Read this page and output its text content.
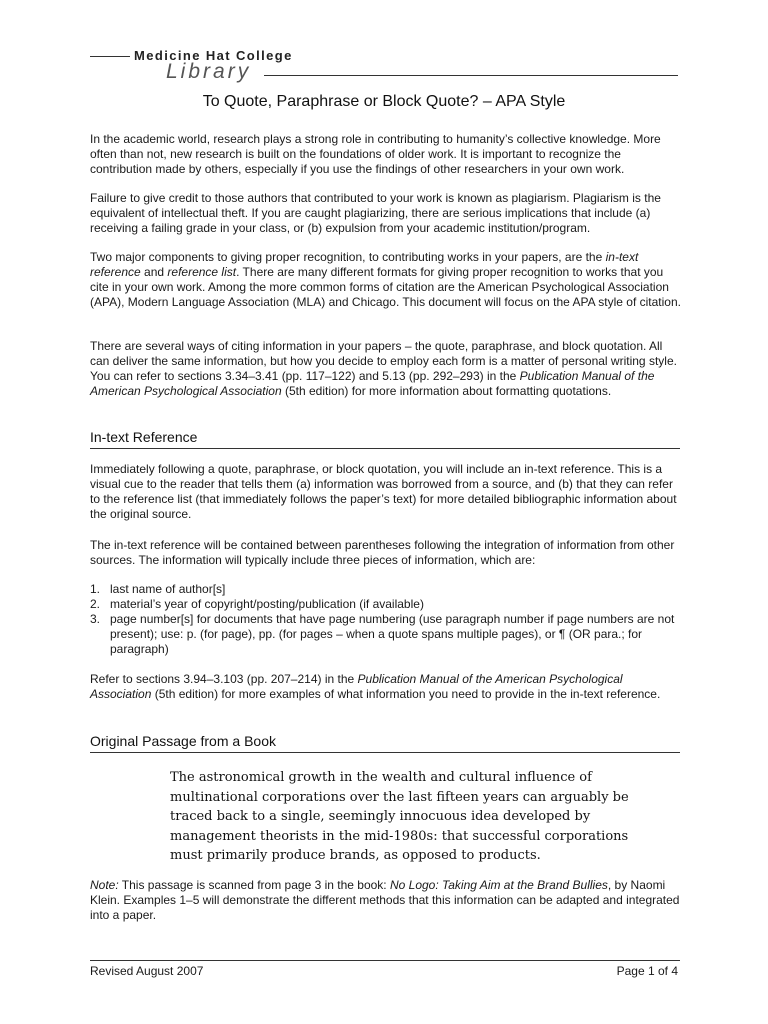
Medicine Hat College
Library
To Quote, Paraphrase or Block Quote? – APA Style

In the academic world, research plays a strong role in contributing to humanity’s collective knowledge. More often than not, new research is built on the foundations of older work. It is important to recognize the contribution made by others, especially if you use the findings of other researchers in your own work.

Failure to give credit to those authors that contributed to your work is known as plagiarism. Plagiarism is the equivalent of intellectual theft. If you are caught plagiarizing, there are serious implications that include (a) receiving a failing grade in your class, or (b) expulsion from your academic institution/program.

Two major components to giving proper recognition, to contributing works in your papers, are the in-text reference and reference list. There are many different formats for giving proper recognition to works that you cite in your own work. Among the more common forms of citation are the American Psychological Association (APA), Modern Language Association (MLA) and Chicago. This document will focus on the APA style of citation.

There are several ways of citing information in your papers – the quote, paraphrase, and block quotation. All can deliver the same information, but how you decide to employ each form is a matter of personal writing style. You can refer to sections 3.34–3.41 (pp. 117–122) and 5.13 (pp. 292–293) in the Publication Manual of the American Psychological Association (5th edition) for more information about formatting quotations.

In-text Reference

Immediately following a quote, paraphrase, or block quotation, you will include an in-text reference. This is a visual cue to the reader that tells them (a) information was borrowed from a source, and (b) that they can refer to the reference list (that immediately follows the paper’s text) for more detailed bibliographic information about the original source.

The in-text reference will be contained between parentheses following the integration of information from other sources. The information will typically include three pieces of information, which are:

1. last name of author[s]
2. material’s year of copyright/posting/publication (if available)
3. page number[s] for documents that have page numbering (use paragraph number if page numbers are not present); use: p. (for page), pp. (for pages – when a quote spans multiple pages), or ¶ (OR para.; for paragraph)

Refer to sections 3.94–3.103 (pp. 207–214) in the Publication Manual of the American Psychological Association (5th edition) for more examples of what information you need to provide in the in-text reference.

Original Passage from a Book

The astronomical growth in the wealth and cultural influence of multinational corporations over the last fifteen years can arguably be traced back to a single, seemingly innocuous idea developed by management theorists in the mid-1980s: that successful corporations must primarily produce brands, as opposed to products.

Note: This passage is scanned from page 3 in the book: No Logo: Taking Aim at the Brand Bullies, by Naomi Klein. Examples 1–5 will demonstrate the different methods that this information can be adapted and integrated into a paper.
Revised August 2007	Page 1 of 4
